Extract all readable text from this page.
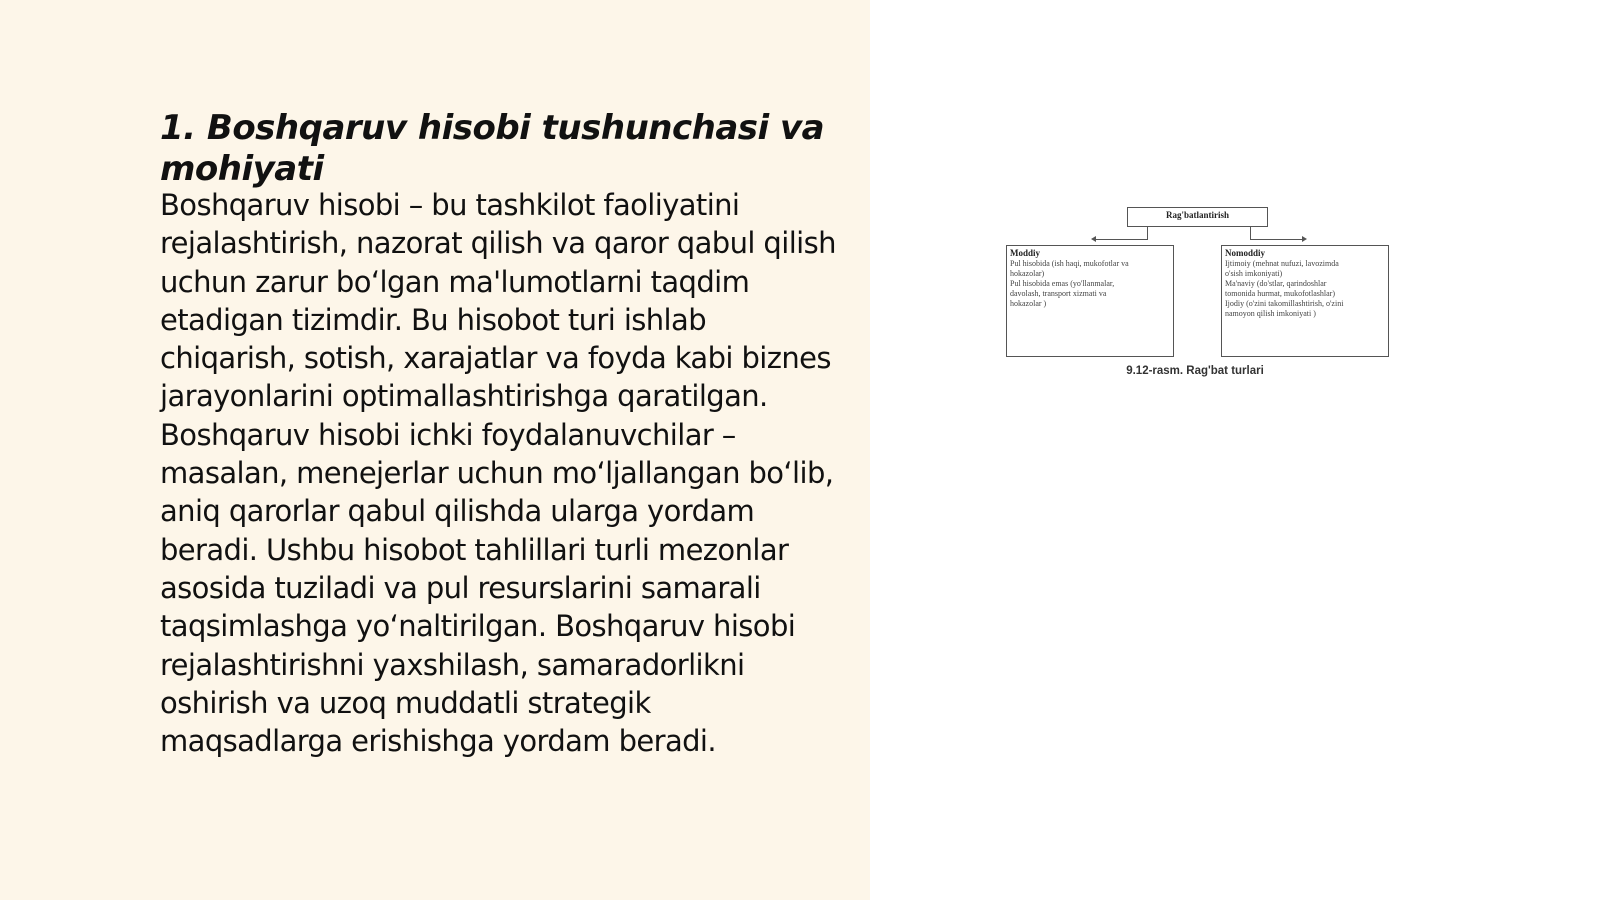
1. Boshqaruv hisobi tushunchasi va mohiyati

Boshqaruv hisobi – bu tashkilot faoliyatini rejalashtirish, nazorat qilish va qaror qabul qilish uchun zarur bo‘lgan ma'lumotlarni taqdim etadigan tizimdir. Bu hisobot turi ishlab chiqarish, sotish, xarajatlar va foyda kabi biznes jarayonlarini optimallashtirishga qaratilgan. Boshqaruv hisobi ichki foydalanuvchilar – masalan, menejerlar uchun mo‘ljallangan bo‘lib, aniq qarorlar qabul qilishda ularga yordam beradi. Ushbu hisobot tahlillari turli mezonlar asosida tuziladi va pul resurslarini samarali taqsimlashga yo‘naltirilgan. Boshqaruv hisobi rejalashtirishni yaxshilash, samaradorlikni oshirish va uzoq muddatli strategik maqsadlarga erishishga yordam beradi.

Rag'batlantirish
Moddiy
Pul hisobida (ish haqi, mukofotlar va
hokazolar)
Pul hisobida emas (yo'llanmalar,
davolash, transport xizmati va
hokazolar )
Nomoddiy
Ijtimoiy (mehnat nufuzi, lavozimda
o'sish imkoniyati)
Ma'naviy (do'stlar, qarindoshlar
tomonida hurmat, mukofotlashlar)
Ijodiy (o'zini takomillashtirish, o'zini
namoyon qilish imkoniyati )
9.12-rasm. Rag'bat turlari
